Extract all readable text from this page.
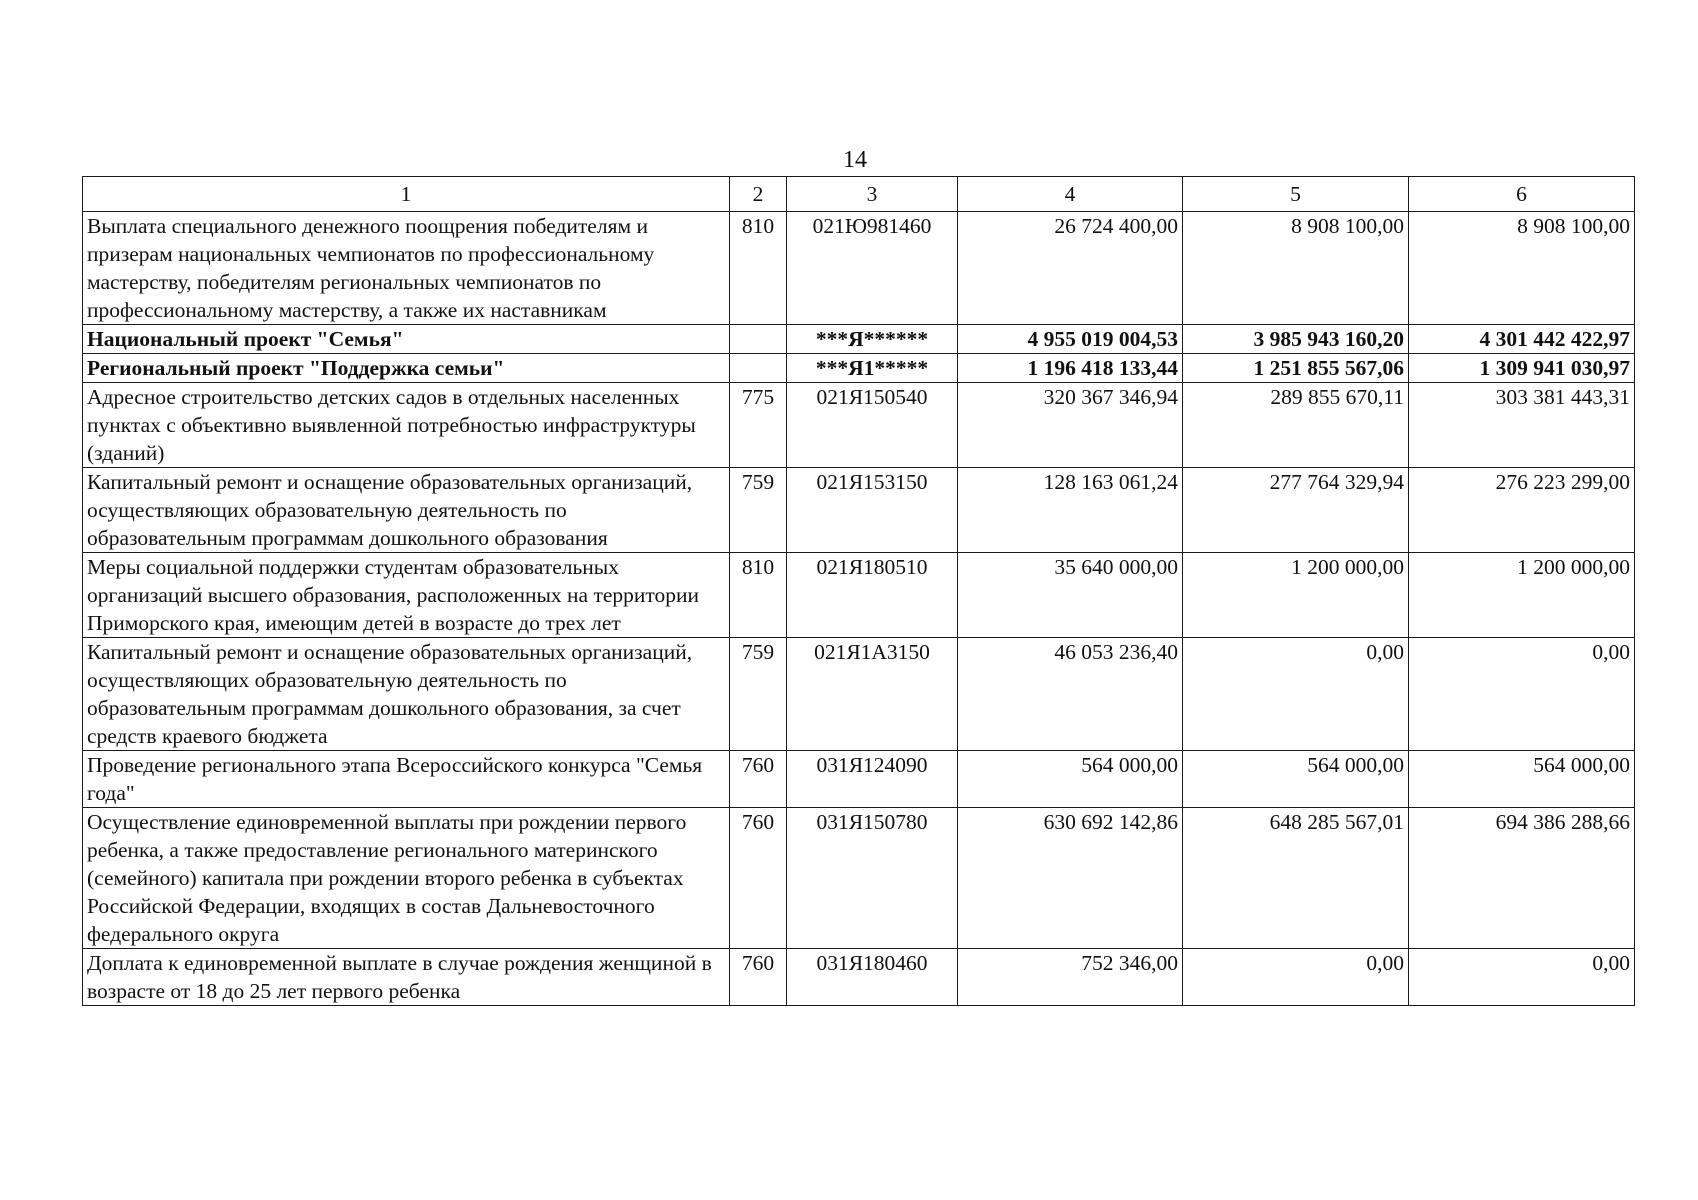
14
1	2	3	4	5	6
Выплата специального денежного поощрения победителям и призерам национальных чемпионатов по профессиональному мастерству, победителям региональных чемпионатов по профессиональному мастерству, а также их наставникам	810	021Ю981460	26 724 400,00	8 908 100,00	8 908 100,00
Национальный проект "Семья"		***Я******	4 955 019 004,53	3 985 943 160,20	4 301 442 422,97
Региональный проект "Поддержка семьи"		***Я1*****	1 196 418 133,44	1 251 855 567,06	1 309 941 030,97
Адресное строительство детских садов в отдельных населенных пунктах с объективно выявленной потребностью инфраструктуры (зданий)	775	021Я150540	320 367 346,94	289 855 670,11	303 381 443,31
Капитальный ремонт и оснащение образовательных организаций, осуществляющих образовательную деятельность по образовательным программам дошкольного образования	759	021Я153150	128 163 061,24	277 764 329,94	276 223 299,00
Меры социальной поддержки студентам образовательных организаций высшего образования, расположенных на территории Приморского края, имеющим детей в возрасте до трех лет	810	021Я180510	35 640 000,00	1 200 000,00	1 200 000,00
Капитальный ремонт и оснащение образовательных организаций, осуществляющих образовательную деятельность по образовательным программам дошкольного образования, за счет средств краевого бюджета	759	021Я1А3150	46 053 236,40	0,00	0,00
Проведение регионального этапа Всероссийского конкурса "Семья года"	760	031Я124090	564 000,00	564 000,00	564 000,00
Осуществление единовременной выплаты при рождении первого ребенка, а также предоставление регионального материнского (семейного) капитала при рождении второго ребенка в субъектах Российской Федерации, входящих в состав Дальневосточного федерального округа	760	031Я150780	630 692 142,86	648 285 567,01	694 386 288,66
Доплата к единовременной выплате в случае рождения женщиной в возрасте от 18 до 25 лет первого ребенка	760	031Я180460	752 346,00	0,00	0,00
